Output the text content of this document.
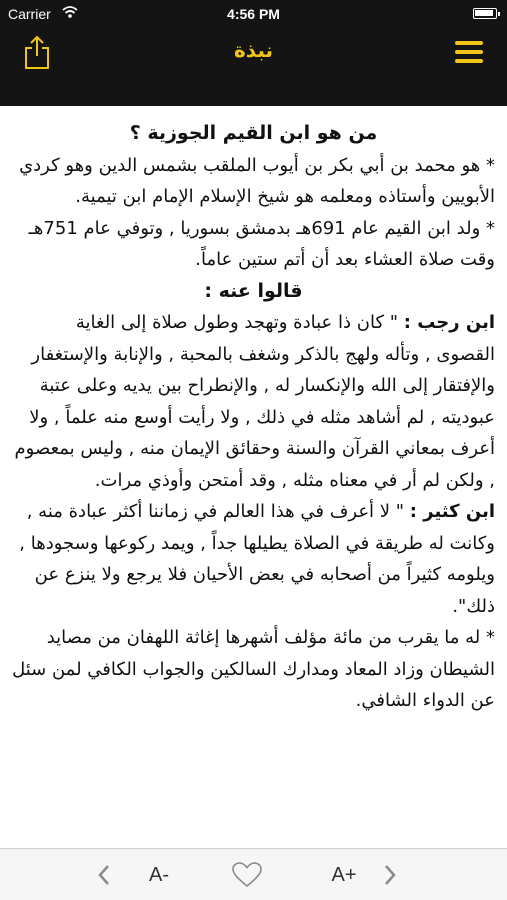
Carrier	4:56 PM
نبذة

من هو ابن القيم الجوزية ؟

* هو محمد بن أبي بكر بن أيوب الملقب بشمس الدين وهو كردي الأبويين وأستاذه ومعلمه هو شيخ الإسلام الإمام ابن تيمية.

* ولد ابن القيم عام 691هـ بدمشق بسوريا , وتوفي عام 751هـ وقت صلاة العشاء بعد أن أتم ستين عاماً.

قالوا عنه :

ابن رجب : " كان ذا عبادة وتهجد وطول صلاة إلى الغاية القصوى , وتأله ولهج بالذكر وشغف بالمحبة , والإنابة والإستغفار والإفتقار إلى الله والإنكسار له , والإنطراح بين يديه وعلى عتبة عبوديته , لم أشاهد مثله في ذلك , ولا رأيت أوسع منه علماً , ولا أعرف بمعاني القرآن والسنة وحقائق الإيمان منه , وليس بمعصوم , ولكن لم أر في معناه مثله , وقد أمتحن وأوذي مرات.

ابن كثير : " لا أعرف في هذا العالم في زماننا أكثر عبادة منه , وكانت له طريقة في الصلاة يطيلها جداً , ويمد ركوعها وسجودها , ويلومه كثيراً من أصحابه في بعض الأحيان فلا يرجع ولا ينزع عن ذلك".

* له ما يقرب من مائة مؤلف أشهرها إغاثة اللهفان من مصايد الشيطان وزاد المعاد ومدارك السالكين والجواب الكافي لمن سئل عن الدواء الشافي.

A-	A+
